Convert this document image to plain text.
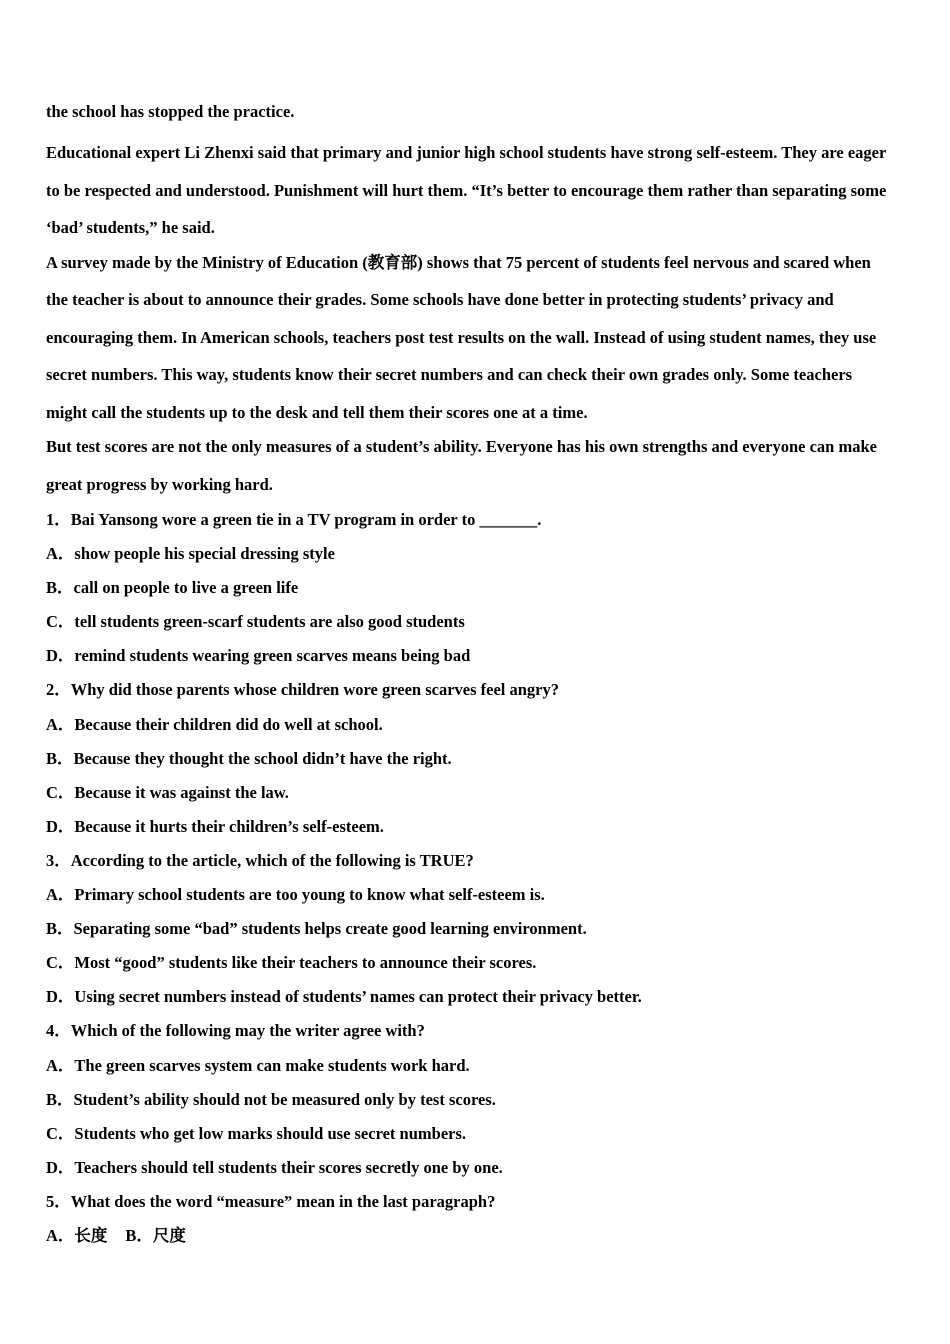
the school has stopped the practice.
Educational expert Li Zhenxi said that primary and junior high school students have strong self-esteem. They are eager
to be respected and understood. Punishment will hurt them. “It’s better to encourage them rather than separating some
‘bad’ students,” he said.
A survey made by the Ministry of Education (教育部) shows that 75 percent of students feel nervous and scared when
the teacher is about to announce their grades. Some schools have done better in protecting students’ privacy and
encouraging them. In American schools, teachers post test results on the wall. Instead of using student names, they use
secret numbers. This way, students know their secret numbers and can check their own grades only. Some teachers
might call the students up to the desk and tell them their scores one at a time.
But test scores are not the only measures of a student’s ability. Everyone has his own strengths and everyone can make
great progress by working hard.
1．Bai Yansong wore a green tie in a TV program in order to _______.
A．show people his special dressing style
B．call on people to live a green life
C．tell students green-scarf students are also good students
D．remind students wearing green scarves means being bad
2．Why did those parents whose children wore green scarves feel angry?
A．Because their children did do well at school.
B．Because they thought the school didn’t have the right.
C．Because it was against the law.
D．Because it hurts their children’s self-esteem.
3．According to the article, which of the following is TRUE?
A．Primary school students are too young to know what self-esteem is.
B．Separating some “bad” students helps create good learning environment.
C．Most “good” students like their teachers to announce their scores.
D．Using secret numbers instead of students’ names can protect their privacy better.
4．Which of the following may the writer agree with?
A．The green scarves system can make students work hard.
B．Student’s ability should not be measured only by test scores.
C．Students who get low marks should use secret numbers.
D．Teachers should tell students their scores secretly one by one.
5．What does the word “measure” mean in the last paragraph?
A．长度 B．尺度
